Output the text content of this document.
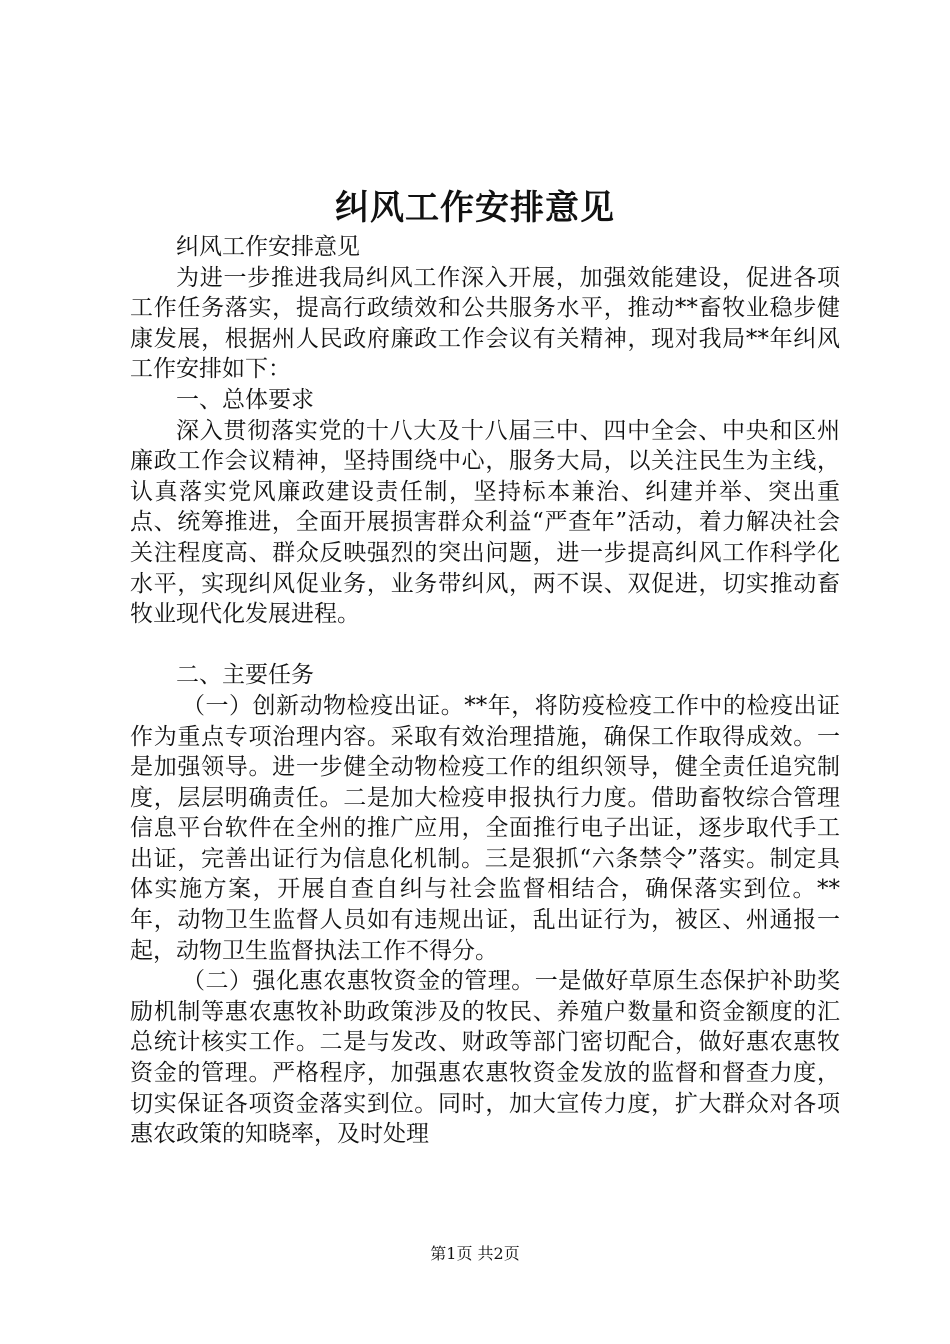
纠风工作安排意见

纠风工作安排意见

为进一步推进我局纠风工作深入开展，加强效能建设，促进各项工作任务落实，提高行政绩效和公共服务水平，推动**畜牧业稳步健康发展，根据州人民政府廉政工作会议有关精神，现对我局**年纠风工作安排如下：

一、总体要求

深入贯彻落实党的十八大及十八届三中、四中全会、中央和区州廉政工作会议精神，坚持围绕中心，服务大局，以关注民生为主线，认真落实党风廉政建设责任制，坚持标本兼治、纠建并举、突出重点、统筹推进，全面开展损害群众利益“严查年”活动，着力解决社会关注程度高、群众反映强烈的突出问题，进一步提高纠风工作科学化水平，实现纠风促业务，业务带纠风，两不误、双促进，切实推动畜牧业现代化发展进程。

二、主要任务

（一）创新动物检疫出证。**年，将防疫检疫工作中的检疫出证作为重点专项治理内容。采取有效治理措施，确保工作取得成效。一是加强领导。进一步健全动物检疫工作的组织领导，健全责任追究制度，层层明确责任。二是加大检疫申报执行力度。借助畜牧综合管理信息平台软件在全州的推广应用，全面推行电子出证，逐步取代手工出证，完善出证行为信息化机制。三是狠抓“六条禁令”落实。制定具体实施方案，开展自查自纠与社会监督相结合，确保落实到位。**年，动物卫生监督人员如有违规出证，乱出证行为，被区、州通报一起，动物卫生监督执法工作不得分。

（二）强化惠农惠牧资金的管理。一是做好草原生态保护补助奖励机制等惠农惠牧补助政策涉及的牧民、养殖户数量和资金额度的汇总统计核实工作。二是与发改、财政等部门密切配合，做好惠农惠牧资金的管理。严格程序，加强惠农惠牧资金发放的监督和督查力度，切实保证各项资金落实到位。同时，加大宣传力度，扩大群众对各项惠农政策的知晓率，及时处理

第1页 共2页
